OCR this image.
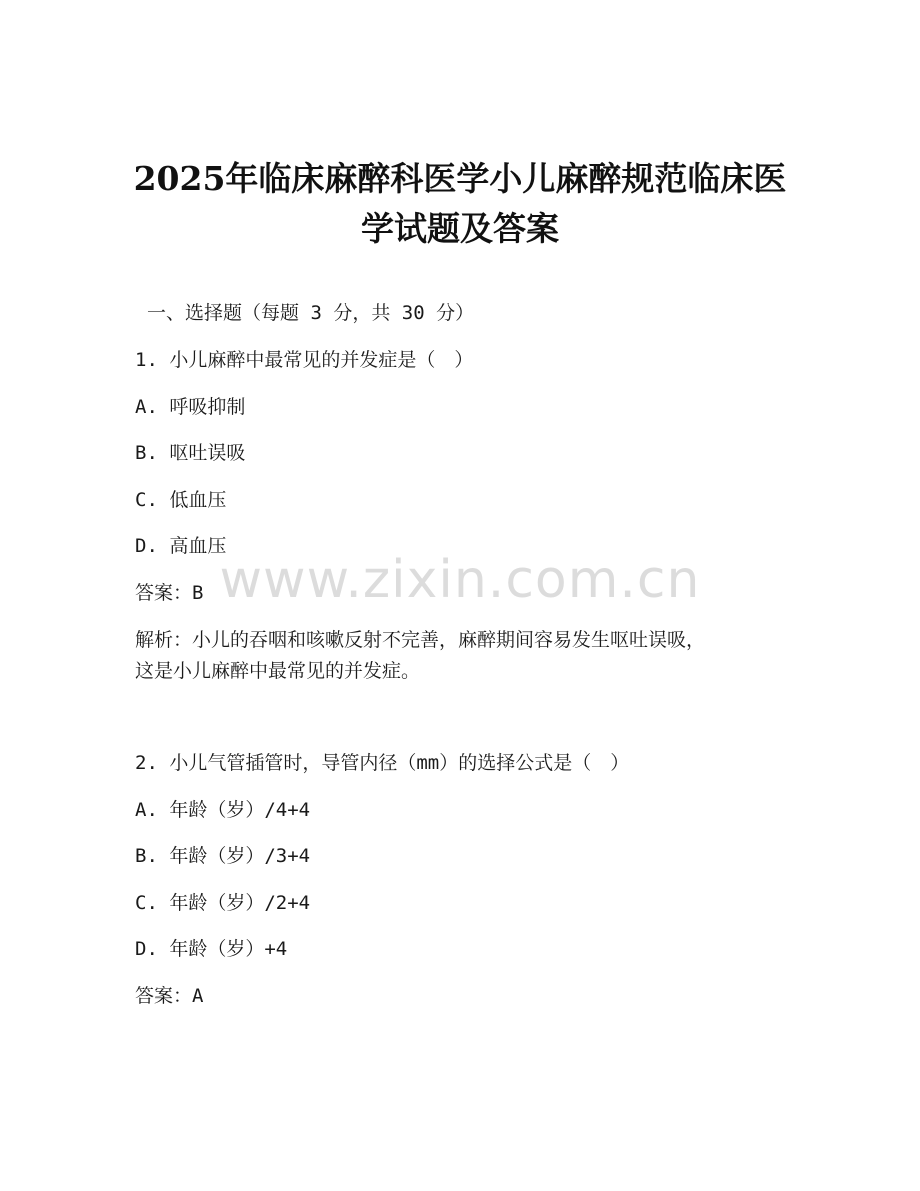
2025年临床麻醉科医学小儿麻醉规范临床医
学试题及答案
一、选择题（每题 3 分，共 30 分）
1. 小儿麻醉中最常见的并发症是（　）
A. 呼吸抑制
B. 呕吐误吸
C. 低血压
D. 高血压
答案：B
解析：小儿的吞咽和咳嗽反射不完善，麻醉期间容易发生呕吐误吸，
这是小儿麻醉中最常见的并发症。
2. 小儿气管插管时，导管内径（mm）的选择公式是（　）
A. 年龄（岁）/4+4
B. 年龄（岁）/3+4
C. 年龄（岁）/2+4
D. 年龄（岁）+4
答案：A
www.zixin.com.cn
